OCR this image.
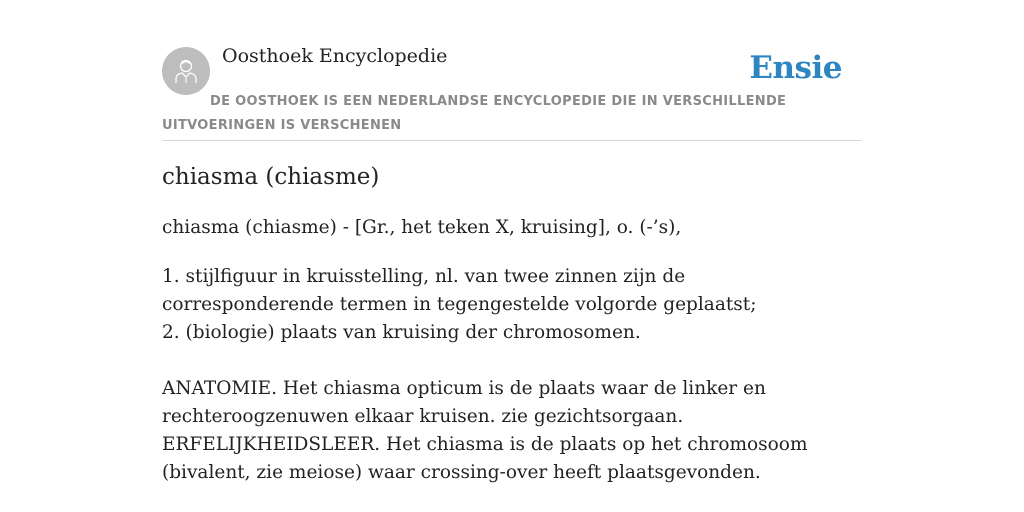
Oosthoek Encyclopedie	Ensie
DE OOSTHOEK IS EEN NEDERLANDSE ENCYCLOPEDIE DIE IN VERSCHILLENDE UITVOERINGEN IS VERSCHENEN
chiasma (chiasme)
chiasma (chiasme) - [Gr., het teken X, kruising], o. (-’s),

1. stijlfiguur in kruisstelling, nl. van twee zinnen zijn de corresponderende termen in tegengestelde volgorde geplaatst;

2. (biologie) plaats van kruising der chromosomen.

ANATOMIE. Het chiasma opticum is de plaats waar de linker en rechteroogzenuwen elkaar kruisen. zie gezichtsorgaan.

ERFELIJKHEIDSLEER. Het chiasma is de plaats op het chromosoom (bivalent, zie meiose) waar crossing-over heeft plaatsgevonden.
